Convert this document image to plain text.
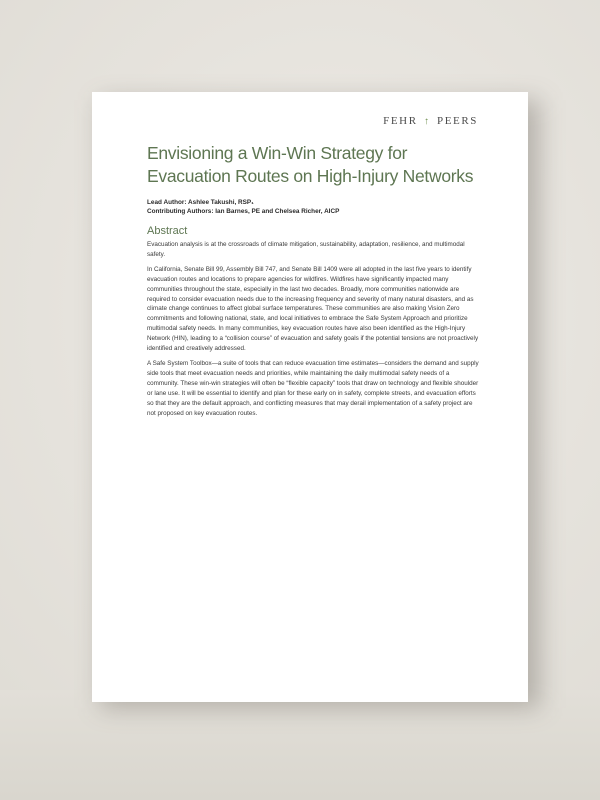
FEHR ↑ PEERS
Envisioning a Win-Win Strategy for Evacuation Routes on High-Injury Networks

Lead Author: Ashlee Takushi, RSP₁

Contributing Authors: Ian Barnes, PE and Chelsea Richer, AICP

Abstract

Evacuation analysis is at the crossroads of climate mitigation, sustainability, adaptation, resilience, and multimodal safety.

In California, Senate Bill 99, Assembly Bill 747, and Senate Bill 1409 were all adopted in the last five years to identify evacuation routes and locations to prepare agencies for wildfires. Wildfires have significantly impacted many communities throughout the state, especially in the last two decades. Broadly, more communities nationwide are required to consider evacuation needs due to the increasing frequency and severity of many natural disasters, and as climate change continues to affect global surface temperatures. These communities are also making Vision Zero commitments and following national, state, and local initiatives to embrace the Safe System Approach and prioritize multimodal safety needs. In many communities, key evacuation routes have also been identified as the High-Injury Network (HIN), leading to a “collision course” of evacuation and safety goals if the potential tensions are not proactively identified and creatively addressed.

A Safe System Toolbox—a suite of tools that can reduce evacuation time estimates—considers the demand and supply side tools that meet evacuation needs and priorities, while maintaining the daily multimodal safety needs of a community. These win-win strategies will often be “flexible capacity” tools that draw on technology and flexible shoulder or lane use. It will be essential to identify and plan for these early on in safety, complete streets, and evacuation efforts so that they are the default approach, and conflicting measures that may derail implementation of a safety project are not proposed on key evacuation routes.
